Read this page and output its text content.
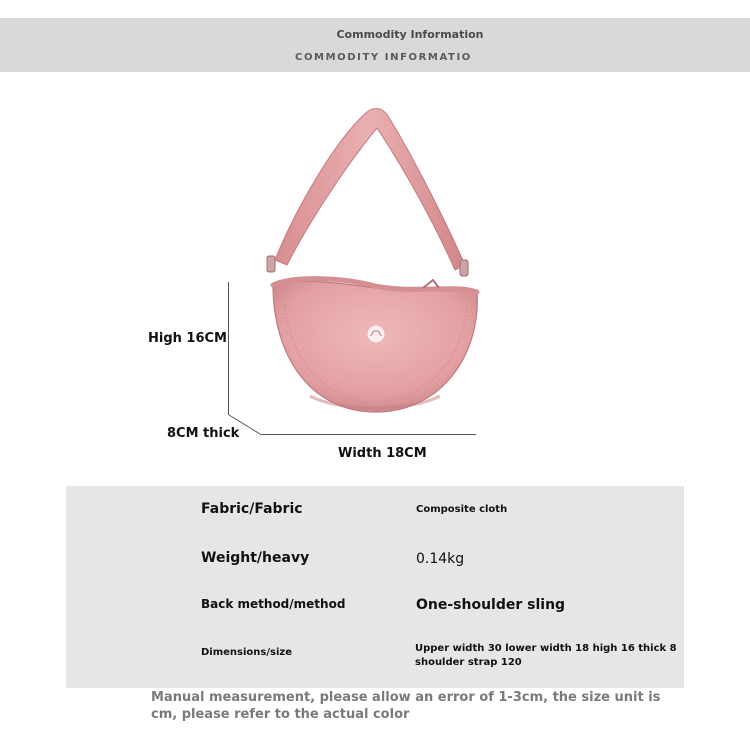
Commodity Information
COMMODITY INFORMATIO
High 16CM
8CM thick
Width 18CM
Fabric/Fabric	Composite cloth
Weight/heavy	0.14kg
Back method/method	One-shoulder sling
Dimensions/size	Upper width 30 lower width 18 high 16 thick 8
shoulder strap 120
Manual measurement, please allow an error of 1-3cm, the size unit is cm, please refer to the actual color
